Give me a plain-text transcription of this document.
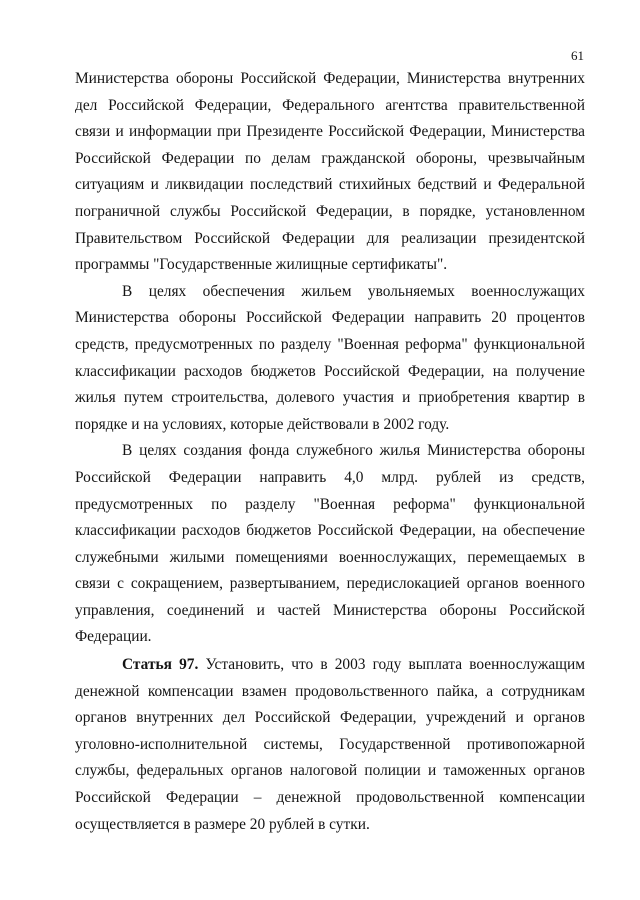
61

Министерства обороны Российской Федерации, Министерства внутренних дел Российской Федерации, Федерального агентства правительственной связи и информации при Президенте Российской Федерации, Министерства Российской Федерации по делам гражданской обороны, чрезвычайным ситуациям и ликвидации последствий стихийных бедствий и Федеральной пограничной службы Российской Федерации, в порядке, установленном Правительством Российской Федерации для реализации президентской программы "Государственные жилищные сертификаты".

В целях обеспечения жильем увольняемых военнослужащих Министерства обороны Российской Федерации направить 20 процентов средств, предусмотренных по разделу "Военная реформа" функциональной классификации расходов бюджетов Российской Федерации, на получение жилья путем строительства, долевого участия и приобретения квартир в порядке и на условиях, которые действовали в 2002 году.

В целях создания фонда служебного жилья Министерства обороны Российской Федерации направить 4,0 млрд. рублей из средств, предусмотренных по разделу "Военная реформа" функциональной классификации расходов бюджетов Российской Федерации, на обеспечение служебными жилыми помещениями военнослужащих, перемещаемых в связи с сокращением, развертыванием, передислокацией органов военного управления, соединений и частей Министерства обороны Российской Федерации.

Статья 97. Установить, что в 2003 году выплата военнослужащим денежной компенсации взамен продовольственного пайка, а сотрудникам органов внутренних дел Российской Федерации, учреждений и органов уголовно-исполнительной системы, Государственной противопожарной службы, федеральных органов налоговой полиции и таможенных органов Российской Федерации – денежной продовольственной компенсации осуществляется в размере 20 рублей в сутки.
